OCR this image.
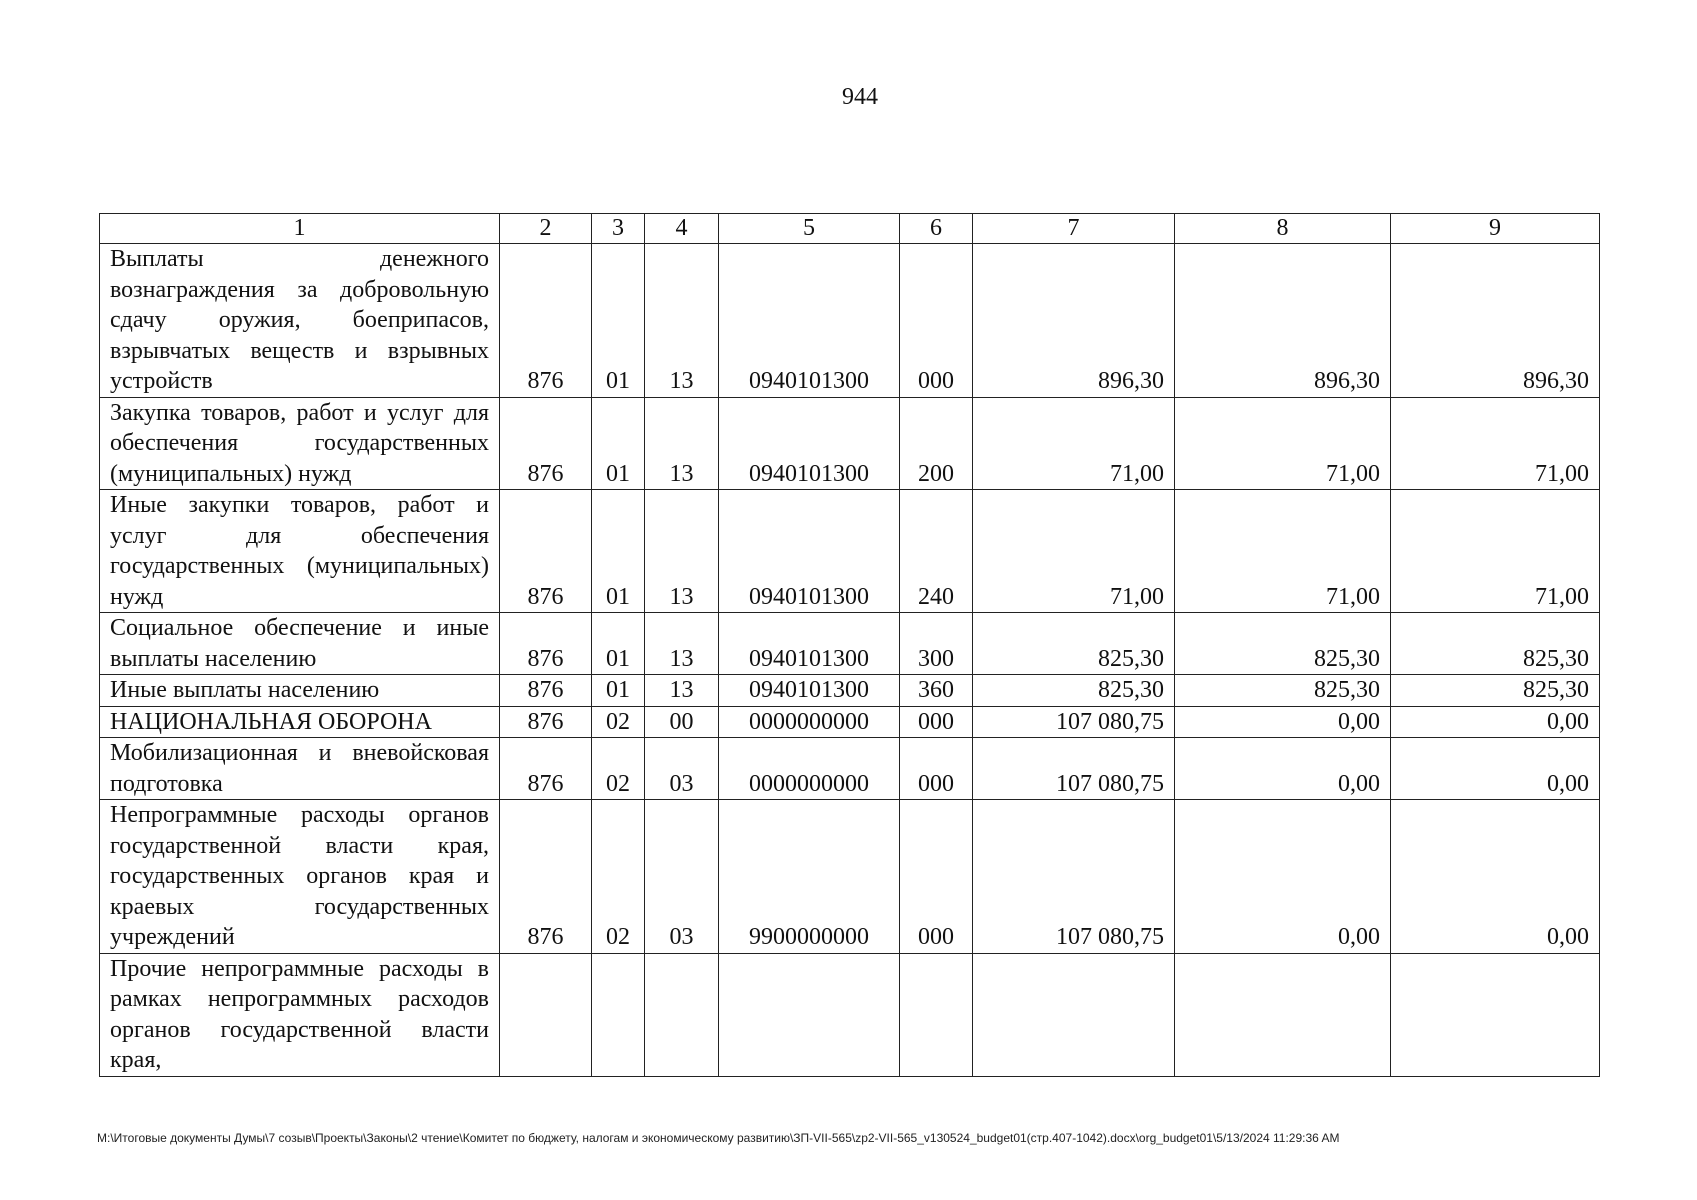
944
1	2	3	4	5	6	7	8	9
Выплаты денежного вознаграждения за добровольную сдачу оружия, боеприпасов, взрывчатых веществ и взрывных устройств	876	01	13	0940101300	000	896,30	896,30	896,30
Закупка товаров, работ и услуг для обеспечения государственных (муниципальных) нужд	876	01	13	0940101300	200	71,00	71,00	71,00
Иные закупки товаров, работ и услуг для обеспечения государственных (муниципальных) нужд	876	01	13	0940101300	240	71,00	71,00	71,00
Социальное обеспечение и иные выплаты населению	876	01	13	0940101300	300	825,30	825,30	825,30
Иные выплаты населению	876	01	13	0940101300	360	825,30	825,30	825,30
НАЦИОНАЛЬНАЯ ОБОРОНА	876	02	00	0000000000	000	107 080,75	0,00	0,00
Мобилизационная и вневойсковая подготовка	876	02	03	0000000000	000	107 080,75	0,00	0,00
Непрограммные расходы органов государственной власти края, государственных органов края и краевых государственных учреждений	876	02	03	9900000000	000	107 080,75	0,00	0,00
Прочие непрограммные расходы в рамках непрограммных расходов органов государственной власти края,								
M:\Итоговые документы Думы\7 созыв\Проекты\Законы\2 чтение\Комитет по бюджету, налогам и экономическому развитию\ЗП-VII-565\zp2-VII-565_v130524_budget01(стр.407-1042).docx\org_budget01\5/13/2024 11:29:36 AM
